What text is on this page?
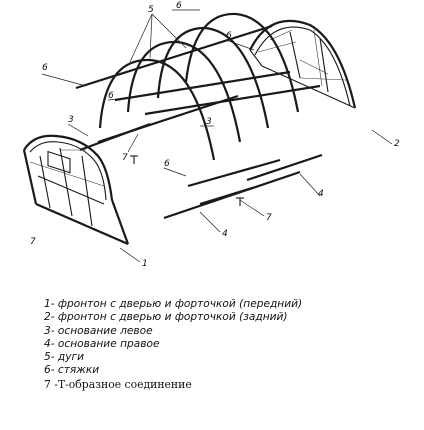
5 6
6
6
6
6
3	3
7
7
2
4
4
1
7
1- фронтон с дверью и форточкой (передний)
2- фронтон с дверью и форточкой (задний)
3- основание левое
4- основание правое
5- дуги
6- стяжки
7 -Т-образное соединение
